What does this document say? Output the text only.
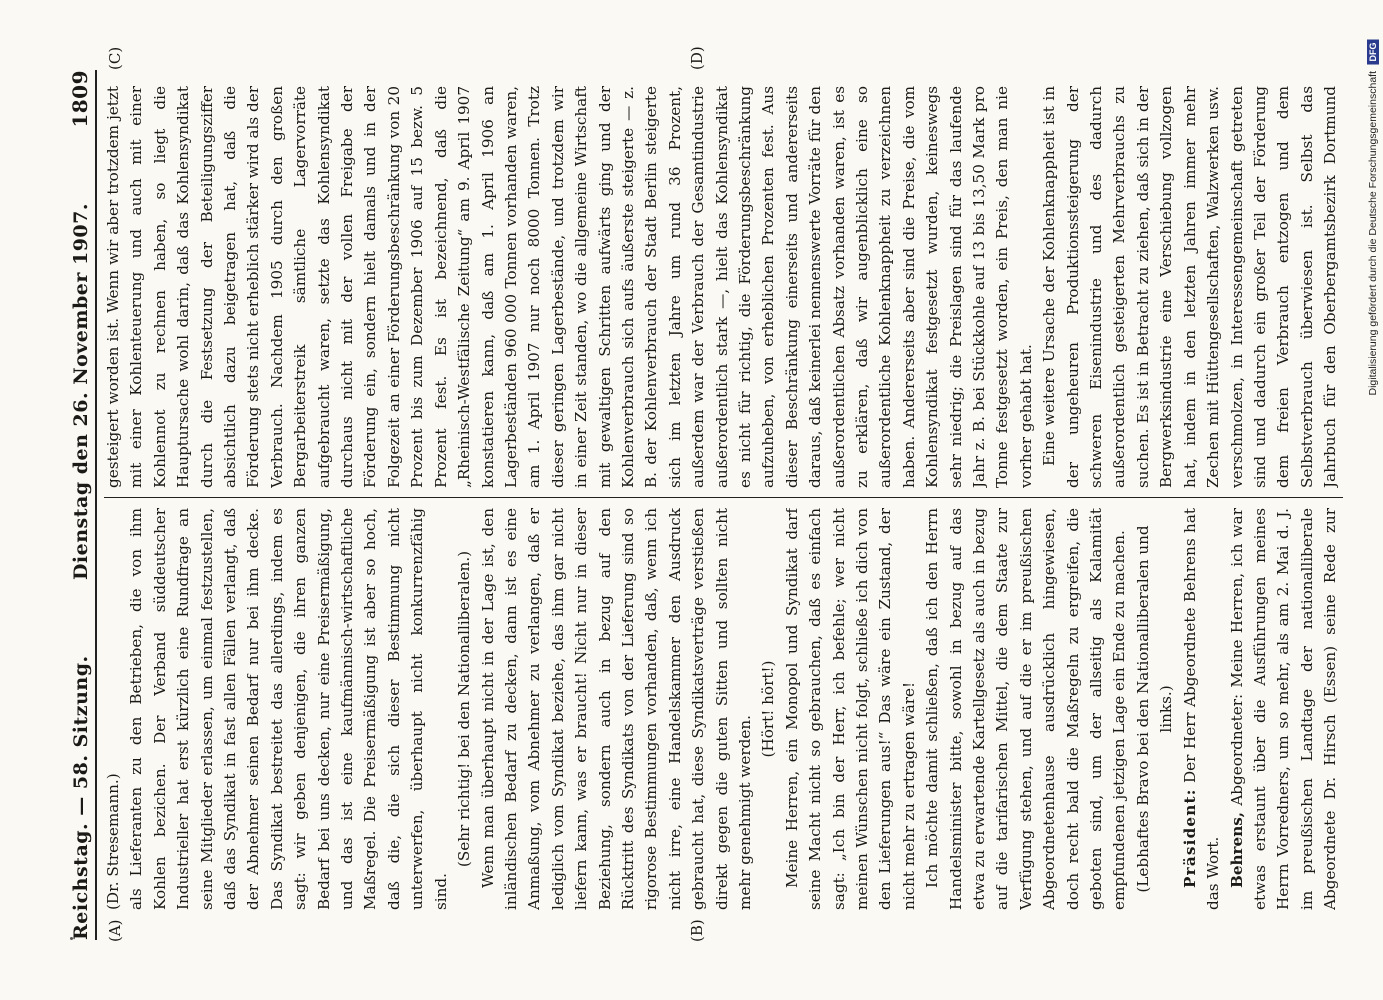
Reichstag. — 58. Sitzung.
Dienstag den 26. November 1907.
1809
(A)	(B)
(C)	(D)

(Dr. Stresemann.) als Lieferanten zu den Betrieben, die von ihm Kohlen bezichen. Der Verband süddeutscher Industrieller hat erst kürzlich eine Rundfrage an seine Mitglieder erlassen, um einmal festzustellen, daß das Syndikat in fast allen Fällen verlangt, daß der Abnehmer seinen Bedarf nur bei ihm decke. Das Syndikat bestreitet das allerdings, indem es sagt: wir geben denjenigen, die ihren ganzen Bedarf bei uns decken, nur eine Preisermäßigung, und das ist eine kaufmännisch-wirtschaftliche Maßregel. Die Preisermäßigung ist aber so hoch, daß die, die sich dieser Bestimmung nicht unterwerfen, überhaupt nicht konkurrenzfähig sind.

(Sehr richtig! bei den Nationalliberalen.) Wenn man überhaupt nicht in der Lage ist, den inländischen Bedarf zu decken, dann ist es eine Anmaßung, vom Abnehmer zu verlangen, daß er lediglich vom Syndikat beziehe, das ihm gar nicht liefern kann, was er braucht! Nicht nur in dieser Beziehung, sondern auch in bezug auf den Rücktritt des Syndikats von der Lieferung sind so rigorose Bestimmungen vorhanden, daß, wenn ich nicht irre, eine Handelskammer den Ausdruck gebraucht hat, diese Syndikatsverträge verstießen direkt gegen die guten Sitten und sollten nicht mehr genehmigt werden.

(Hört! hört!) Meine Herren, ein Monopol und Syndikat darf seine Macht nicht so gebrauchen, daß es einfach sagt: „Ich bin der Herr, ich befehle; wer nicht meinen Wünschen nicht folgt, schließe ich dich von den Lieferungen aus!“ Das wäre ein Zustand, der nicht mehr zu ertragen wäre! Ich möchte damit schließen, daß ich den Herrn Handelsminister bitte, sowohl in bezug auf das etwa zu erwartende Kartellgesetz als auch in bezug auf die tarifarischen Mittel, die dem Staate zur Verfügung stehen, und auf die er im preußischen Abgeordnetenhause ausdrücklich hingewiesen, doch recht bald die Maßregeln zu ergreifen, die geboten sind, um der allseitig als Kalamität empfundenen jetzigen Lage ein Ende zu machen. (Lebhaftes Bravo bei den Nationalliberalen und links.)

Präsident: Der Herr Abgeordnete Behrens hat das Wort. Behrens, Abgeordneter: Meine Herren, ich war etwas erstaunt über die Ausführungen meines Herrn Vorredners, um so mehr, als am 2. Mai d. J. im preußischen Landtage der nationalliberale Abgeordnete Dr. Hirsch (Essen) seine Rede zur

gesteigert worden ist. Wenn wir aber trotzdem jetzt mit einer Kohlenteuerung und auch mit einer Kohlennot zu rechnen haben, so liegt die Hauptursache wohl darin, daß das Kohlensyndikat durch die Festsetzung der Beteiligungsziffer absichtlich dazu beigetragen hat, daß die Förderung stets nicht erheblich stärker wird als der Verbrauch. Nachdem 1905 durch den großen Bergarbeiterstreik sämtliche Lagervorräte aufgebraucht waren, setzte das Kohlensyndikat durchaus nicht mit der vollen Freigabe der Förderung ein, sondern hielt damals und in der Folgezeit an einer Förderungsbeschränkung von 20 Prozent bis zum Dezember 1906 auf 15 bezw. 5 Prozent fest. Es ist bezeichnend, daß die „Rheinisch-Westfälische Zeitung“ am 9. April 1907 konstatieren kann, daß am 1. April 1906 an Lagerbeständen 960 000 Tonnen vorhanden waren, am 1. April 1907 nur noch 8000 Tonnen. Trotz dieser geringen Lagerbestände, und trotzdem wir in einer Zeit standen, wo die allgemeine Wirtschaft mit gewaltigen Schritten aufwärts ging und der Kohlenverbrauch sich aufs äußerste steigerte — z. B. der Kohlenverbrauch der Stadt Berlin steigerte sich im letzten Jahre um rund 36 Prozent, außerdem war der Verbrauch der Gesamtindustrie außerordentlich stark —, hielt das Kohlensyndikat es nicht für richtig, die Förderungsbeschränkung aufzuheben, von erheblichen Prozenten fest. Aus dieser Beschränkung einerseits und andererseits daraus, daß keinerlei nennenswerte Vorräte für den außerordentlichen Absatz vorhanden waren, ist es zu erklären, daß wir augenblicklich eine so außerordentliche Kohlenknappheit zu verzeichnen haben. Andererseits aber sind die Preise, die vom Kohlensyndikat festgesetzt wurden, keineswegs sehr niedrig; die Preislagen sind für das laufende Jahr z. B. bei Stückkohle auf 13 bis 13,50 Mark pro Tonne festgesetzt worden, ein Preis, den man nie vorher gehabt hat. Eine weitere Ursache der Kohlenknappheit ist in der ungeheuren Produktionssteigerung der schweren Eisenindustrie und des dadurch außerordentlich gesteigerten Mehrverbrauchs zu suchen. Es ist in Betracht zu ziehen, daß sich in der Bergwerksindustrie eine Verschiebung vollzogen hat, indem in den letzten Jahren immer mehr Zechen mit Hüttengesellschaften, Walzwerken usw. verschmolzen, in Interessengemeinschaft getreten sind und dadurch ein großer Teil der Förderung dem freien Verbrauch entzogen und dem Selbstverbrauch überwiesen ist. Selbst das Jahrbuch für den Oberbergamtsbezirk Dortmund	Digitalisierung gefördert durch die Deutsche Forschungsgemeinschaft
DFG
